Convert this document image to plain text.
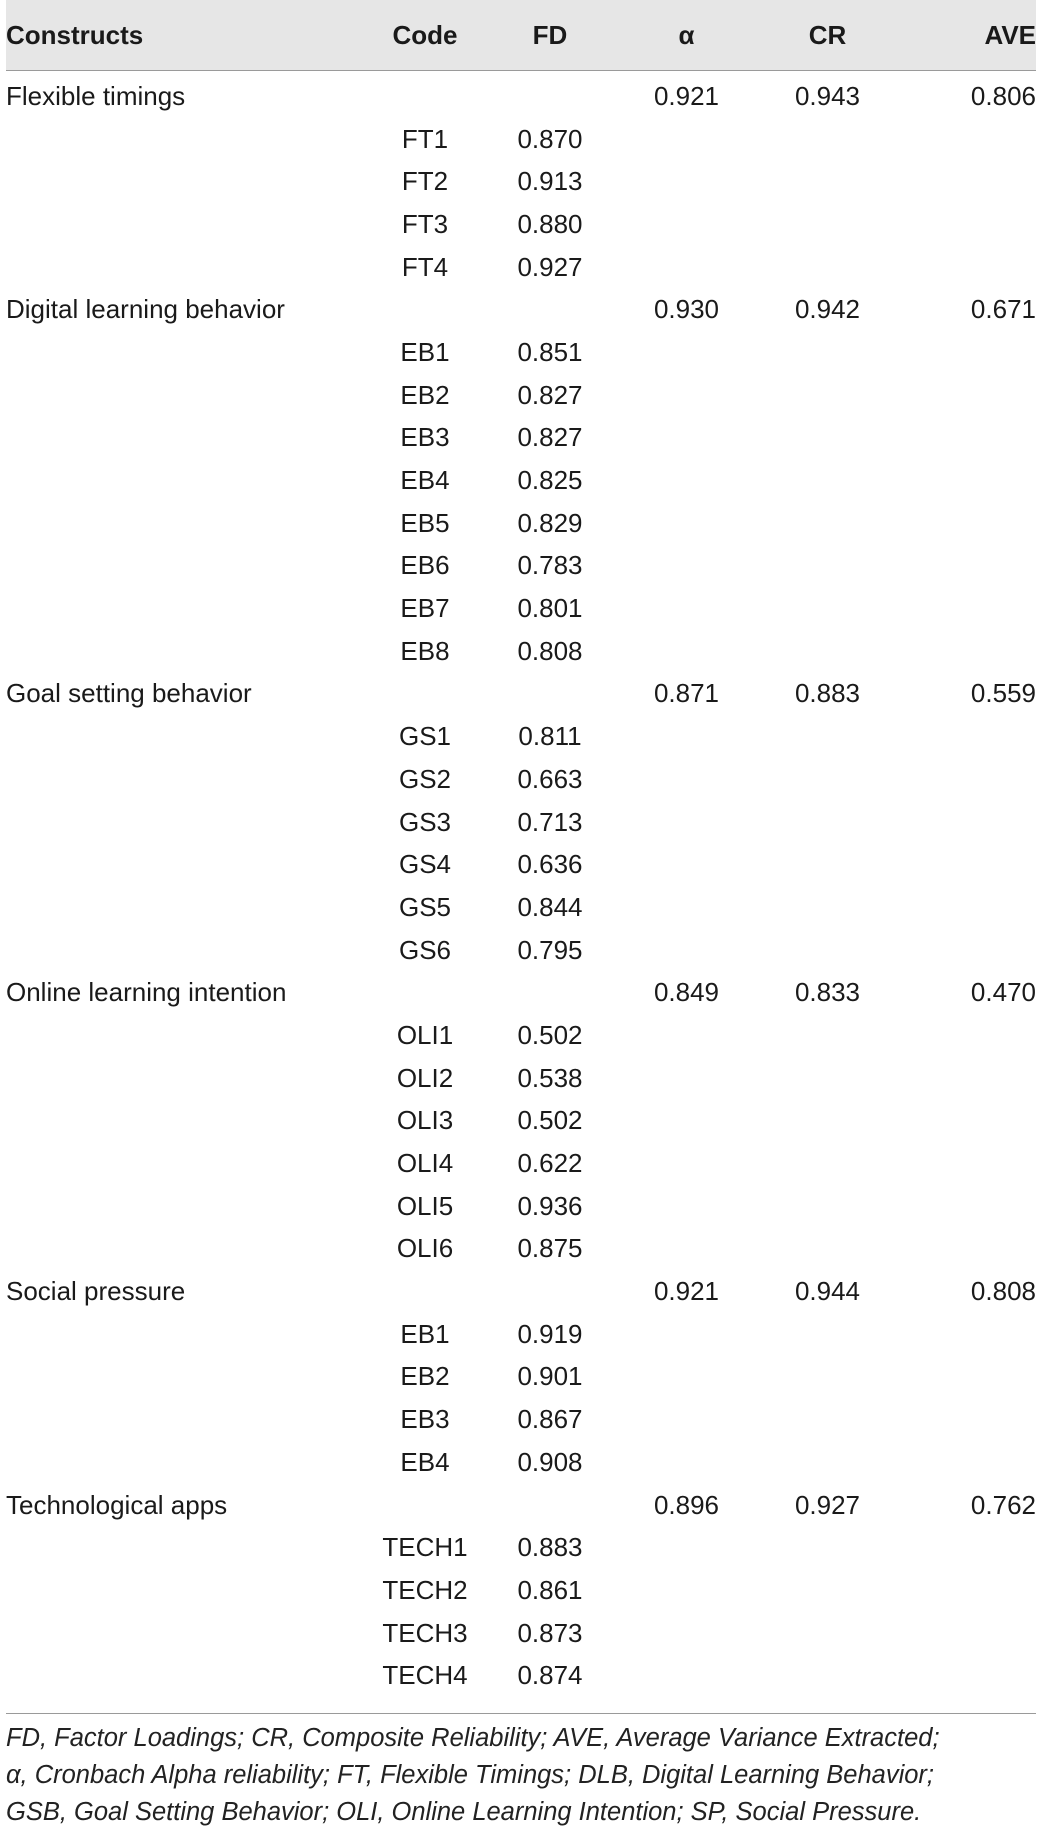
Constructs	Code	FD	α	CR	AVE
Flexible timings			0.921	0.943	0.806
	FT1	0.870			
	FT2	0.913			
	FT3	0.880			
	FT4	0.927			
Digital learning behavior			0.930	0.942	0.671
	EB1	0.851			
	EB2	0.827			
	EB3	0.827			
	EB4	0.825			
	EB5	0.829			
	EB6	0.783			
	EB7	0.801			
	EB8	0.808			
Goal setting behavior			0.871	0.883	0.559
	GS1	0.811			
	GS2	0.663			
	GS3	0.713			
	GS4	0.636			
	GS5	0.844			
	GS6	0.795			
Online learning intention			0.849	0.833	0.470
	OLI1	0.502			
	OLI2	0.538			
	OLI3	0.502			
	OLI4	0.622			
	OLI5	0.936			
	OLI6	0.875			
Social pressure			0.921	0.944	0.808
	EB1	0.919			
	EB2	0.901			
	EB3	0.867			
	EB4	0.908			
Technological apps			0.896	0.927	0.762
	TECH1	0.883			
	TECH2	0.861			
	TECH3	0.873			
	TECH4	0.874			
FD, Factor Loadings; CR, Composite Reliability; AVE, Average Variance Extracted;
α, Cronbach Alpha reliability; FT, Flexible Timings; DLB, Digital Learning Behavior;
GSB, Goal Setting Behavior; OLI, Online Learning Intention; SP, Social Pressure.
